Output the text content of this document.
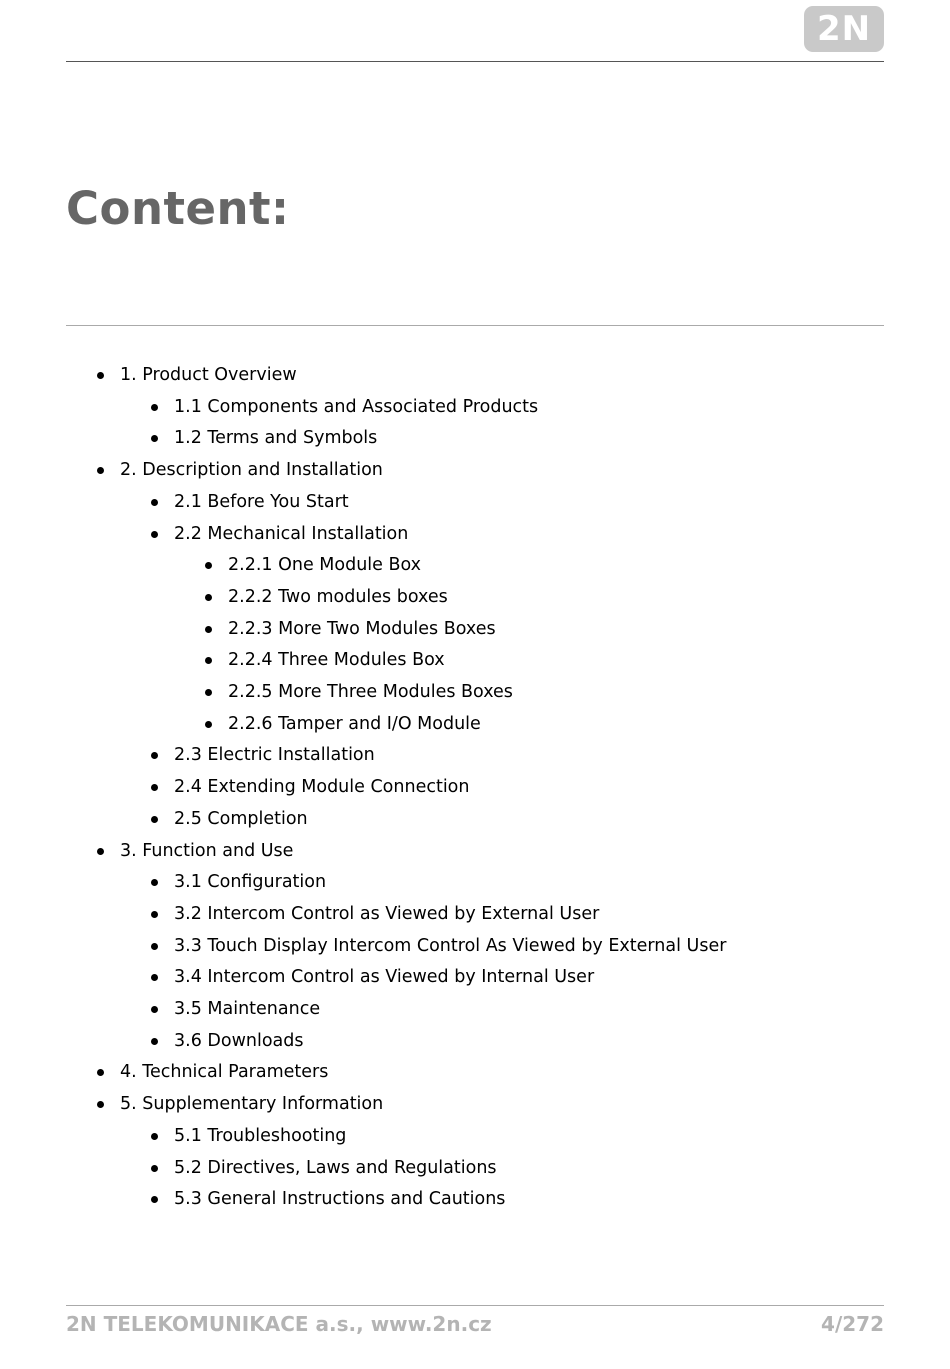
2N
Content:
1. Product Overview
1.1 Components and Associated Products
1.2 Terms and Symbols
2. Description and Installation
2.1 Before You Start
2.2 Mechanical Installation
2.2.1 One Module Box
2.2.2 Two modules boxes
2.2.3 More Two Modules Boxes
2.2.4 Three Modules Box
2.2.5 More Three Modules Boxes
2.2.6 Tamper and I/O Module
2.3 Electric Installation
2.4 Extending Module Connection
2.5 Completion
3. Function and Use
3.1 Configuration
3.2 Intercom Control as Viewed by External User
3.3 Touch Display Intercom Control As Viewed by External User
3.4 Intercom Control as Viewed by Internal User
3.5 Maintenance
3.6 Downloads
4. Technical Parameters
5. Supplementary Information
5.1 Troubleshooting
5.2 Directives, Laws and Regulations
5.3 General Instructions and Cautions
2N TELEKOMUNIKACE a.s., www.2n.cz	4/272
